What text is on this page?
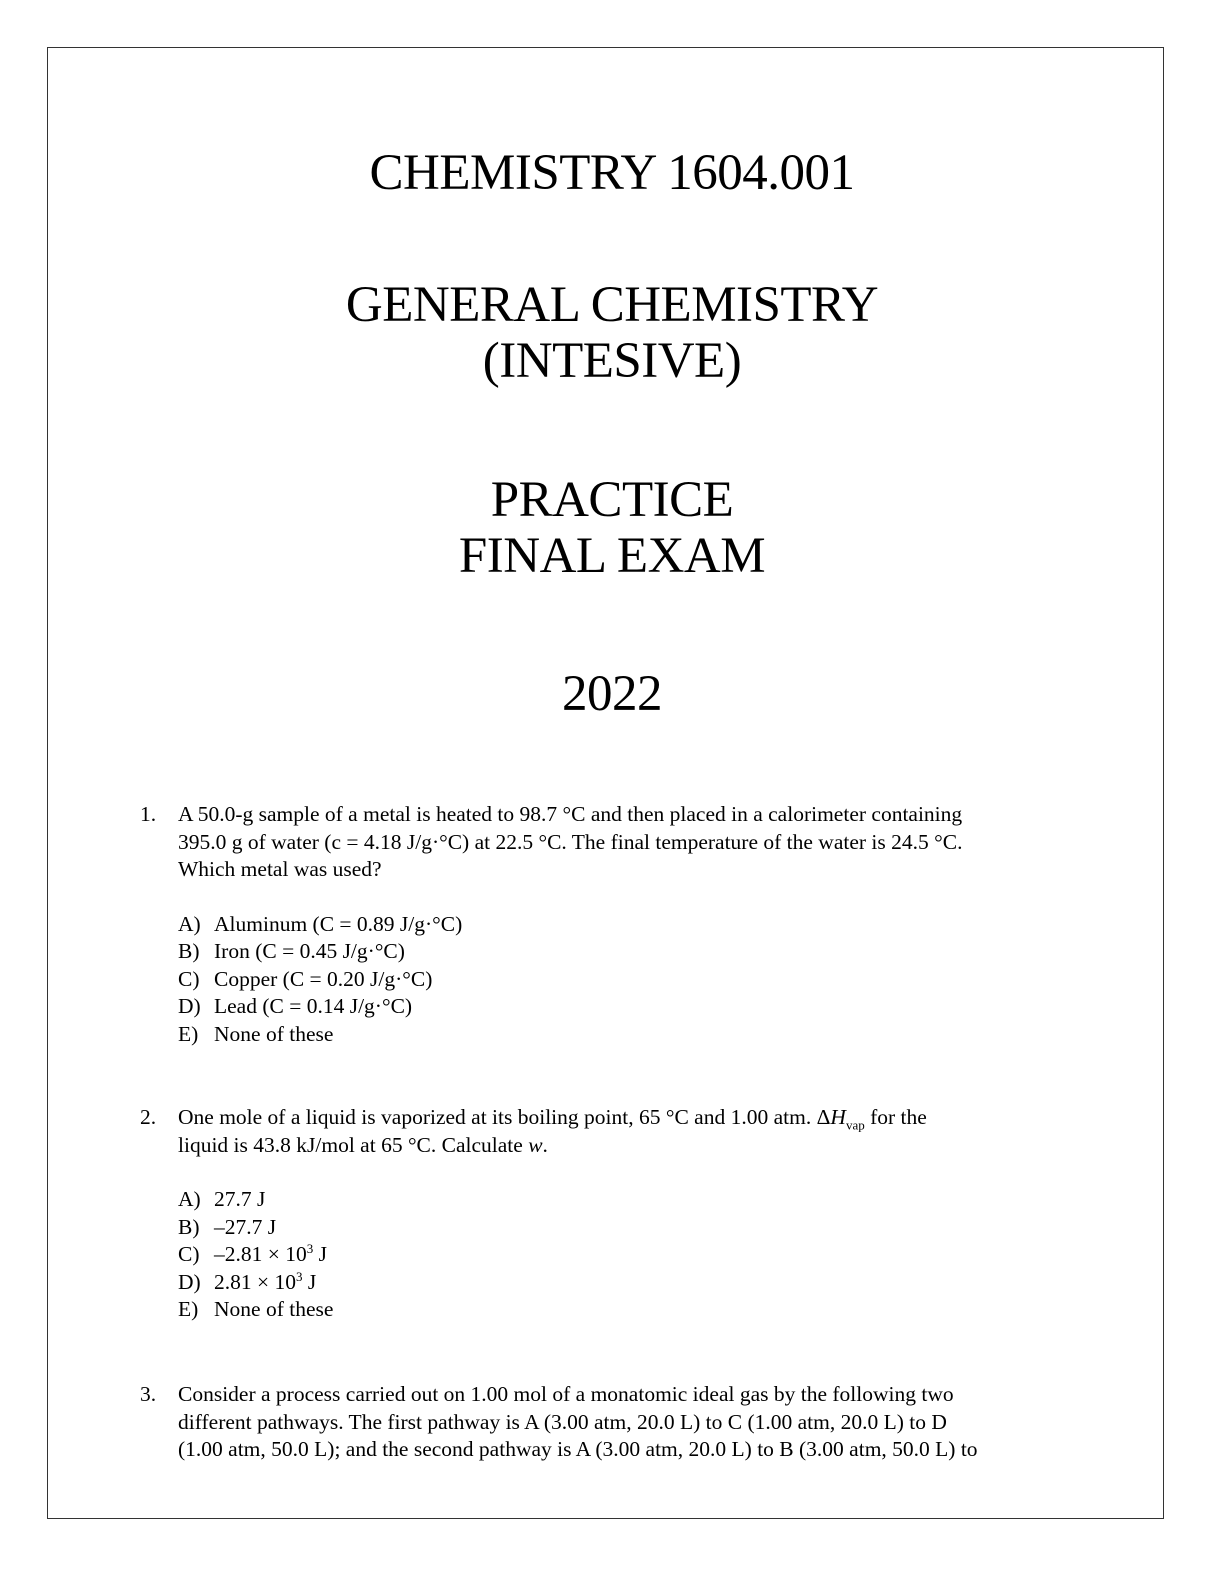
CHEMISTRY 1604.001
GENERAL CHEMISTRY
(INTESIVE)
PRACTICE
FINAL EXAM
2022
1.	A 50.0-g sample of a metal is heated to 98.7 °C and then placed in a calorimeter containing
395.0 g of water (c = 4.18 J/g·°C) at 22.5 °C. The final temperature of the water is 24.5 °C.
Which metal was used?
A) Aluminum (C = 0.89 J/g·°C)
B) Iron (C = 0.45 J/g·°C)
C) Copper (C = 0.20 J/g·°C)
D) Lead (C = 0.14 J/g·°C)
E) None of these
2.	One mole of a liquid is vaporized at its boiling point, 65 °C and 1.00 atm. $\Delta H_{vap}$ for the
liquid is 43.8 kJ/mol at 65 °C. Calculate w.
A) 27.7 J
B) –27.7 J
C) $-2.81 \times 10^3$ J
D) $2.81 \times 10^3$ J
E) None of these
3.	Consider a process carried out on 1.00 mol of a monatomic ideal gas by the following two
different pathways. The first pathway is A (3.00 atm, 20.0 L) to C (1.00 atm, 20.0 L) to D
(1.00 atm, 50.0 L); and the second pathway is A (3.00 atm, 20.0 L) to B (3.00 atm, 50.0 L) to
